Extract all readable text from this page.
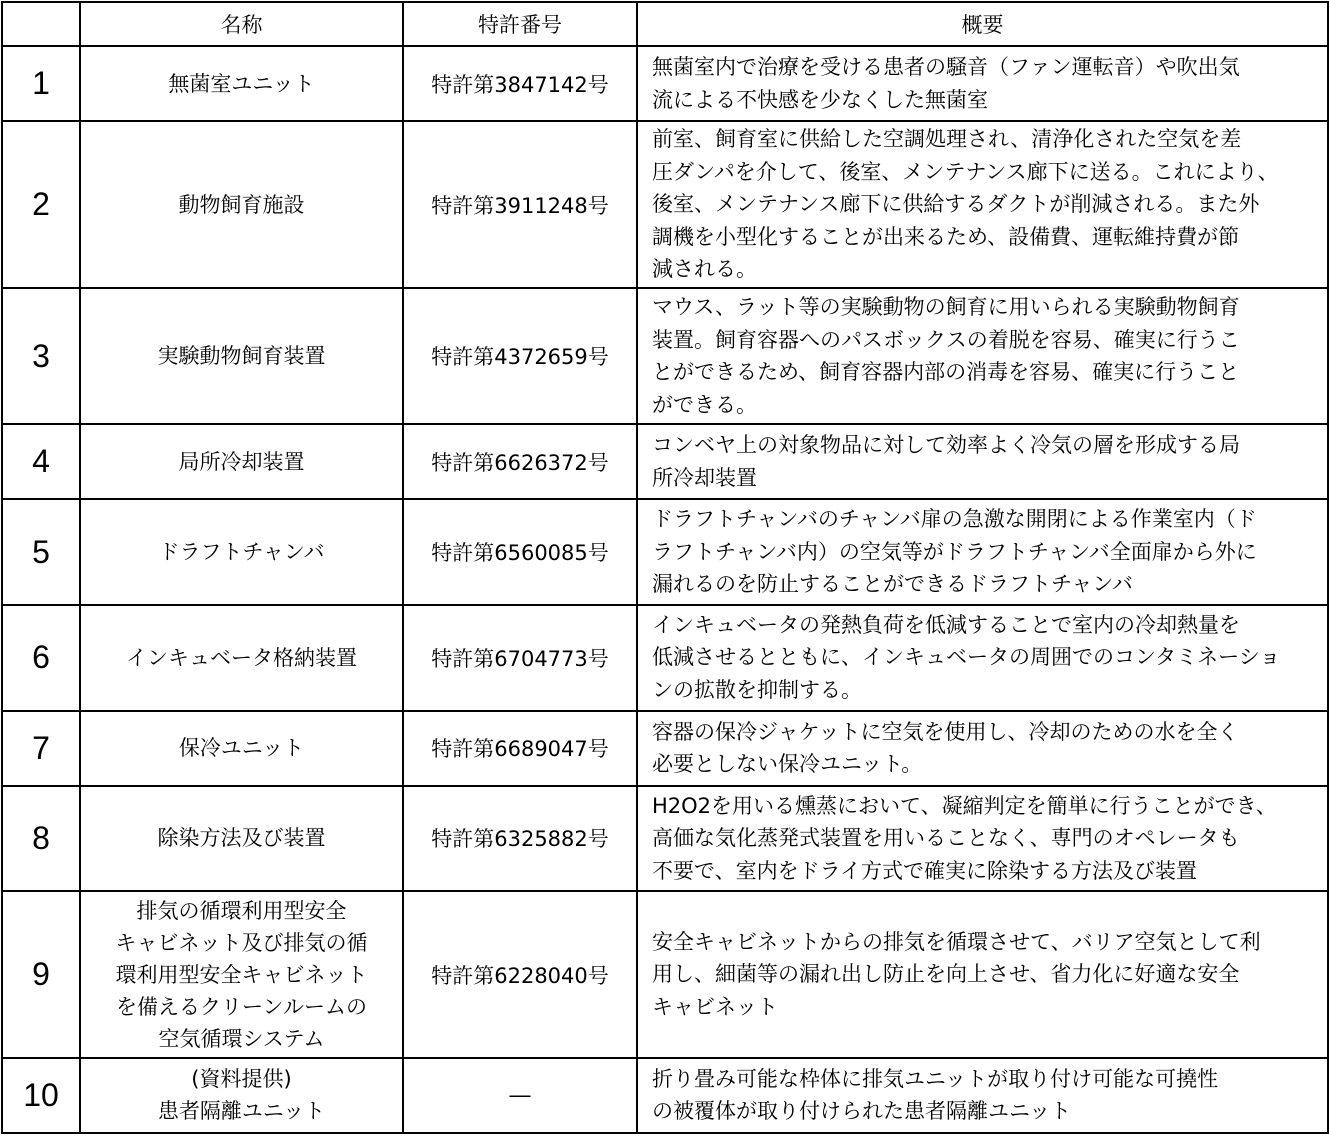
	名称	特許番号	概要
1	無菌室ユニット	特許第3847142号	無菌室内で治療を受ける患者の騒音（ファン運転音）や吹出気
流による不快感を少なくした無菌室
2	動物飼育施設	特許第3911248号	前室、飼育室に供給した空調処理され、清浄化された空気を差
圧ダンパを介して、後室、メンテナンス廊下に送る。これにより、
後室、メンテナンス廊下に供給するダクトが削減される。また外
調機を小型化することが出来るため、設備費、運転維持費が節
減される。
3	実験動物飼育装置	特許第4372659号	マウス、ラット等の実験動物の飼育に用いられる実験動物飼育
装置。飼育容器へのパスボックスの着脱を容易、確実に行うこ
とができるため、飼育容器内部の消毒を容易、確実に行うこと
ができる。
4	局所冷却装置	特許第6626372号	コンベヤ上の対象物品に対して効率よく冷気の層を形成する局
所冷却装置
5	ドラフトチャンバ	特許第6560085号	ドラフトチャンバのチャンバ扉の急激な開閉による作業室内（ド
ラフトチャンバ内）の空気等がドラフトチャンバ全面扉から外に
漏れるのを防止することができるドラフトチャンバ
6	インキュベータ格納装置	特許第6704773号	インキュベータの発熱負荷を低減することで室内の冷却熱量を
低減させるとともに、インキュベータの周囲でのコンタミネーショ
ンの拡散を抑制する。
7	保冷ユニット	特許第6689047号	容器の保冷ジャケットに空気を使用し、冷却のための水を全く
必要としない保冷ユニット。
8	除染方法及び装置	特許第6325882号	H2O2を用いる燻蒸において、凝縮判定を簡単に行うことができ、
高価な気化蒸発式装置を用いることなく、専門のオペレータも
不要で、室内をドライ方式で確実に除染する方法及び装置
9	排気の循環利用型安全
キャビネット及び排気の循
環利用型安全キャビネット
を備えるクリーンルームの
空気循環システム	特許第6228040号	安全キャビネットからの排気を循環させて、バリア空気として利
用し、細菌等の漏れ出し防止を向上させ、省力化に好適な安全
キャビネット
10	(資料提供)
患者隔離ユニット	―	折り畳み可能な枠体に排気ユニットが取り付け可能な可撓性
の被覆体が取り付けられた患者隔離ユニット
